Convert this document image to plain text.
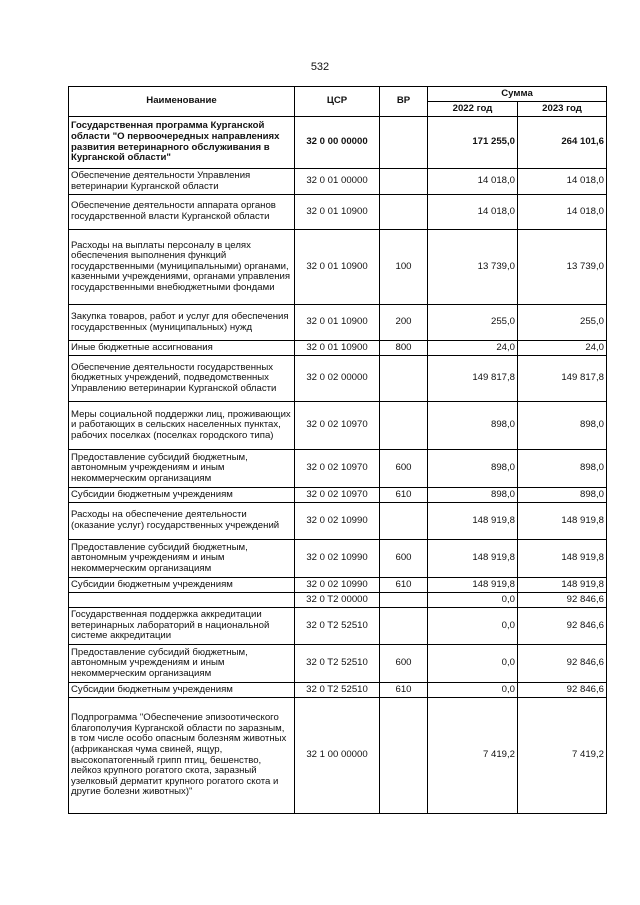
532
Наименование	ЦСР	ВР	Сумма	
			2022 год	2023 год
Государственная программа Курганской области "О первоочередных направлениях развития ветеринарного обслуживания в Курганской области"	32 0 00 00000		171 255,0	264 101,6
Обеспечение деятельности Управления ветеринарии Курганской области	32 0 01 00000		14 018,0	14 018,0
Обеспечение деятельности аппарата органов государственной власти Курганской области	32 0 01 10900		14 018,0	14 018,0
Расходы на выплаты персоналу в целях обеспечения выполнения функций государственными (муниципальными) органами, казенными учреждениями, органами управления государственными внебюджетными фондами	32 0 01 10900	100	13 739,0	13 739,0
Закупка товаров, работ и услуг для обеспечения государственных (муниципальных) нужд	32 0 01 10900	200	255,0	255,0
Иные бюджетные ассигнования	32 0 01 10900	800	24,0	24,0
Обеспечение деятельности государственных бюджетных учреждений, подведомственных Управлению ветеринарии Курганской области	32 0 02 00000		149 817,8	149 817,8
Меры социальной поддержки лиц, проживающих и работающих в сельских населенных пунктах, рабочих поселках (поселках городского типа)	32 0 02 10970		898,0	898,0
Предоставление субсидий бюджетным, автономным учреждениям и иным некоммерческим организациям	32 0 02 10970	600	898,0	898,0
Субсидии бюджетным учреждениям	32 0 02 10970	610	898,0	898,0
Расходы на обеспечение деятельности (оказание услуг) государственных учреждений	32 0 02 10990		148 919,8	148 919,8
Предоставление субсидий бюджетным, автономным учреждениям и иным некоммерческим организациям	32 0 02 10990	600	148 919,8	148 919,8
Субсидии бюджетным учреждениям	32 0 02 10990	610	148 919,8	148 919,8
	32 0 T2 00000		0,0	92 846,6
Государственная поддержка аккредитации ветеринарных лабораторий в национальной системе аккредитации	32 0 T2 52510		0,0	92 846,6
Предоставление субсидий бюджетным, автономным учреждениям и иным некоммерческим организациям	32 0 T2 52510	600	0,0	92 846,6
Субсидии бюджетным учреждениям	32 0 T2 52510	610	0,0	92 846,6
Подпрограмма "Обеспечение эпизоотического благополучия Курганской области по заразным, в том числе особо опасным болезням животных (африканская чума свиней, ящур, высокопатогенный грипп птиц, бешенство, лейкоз крупного рогатого скота, заразный узелковый дерматит крупного рогатого скота и другие болезни животных)"	32 1 00 00000		7 419,2	7 419,2
